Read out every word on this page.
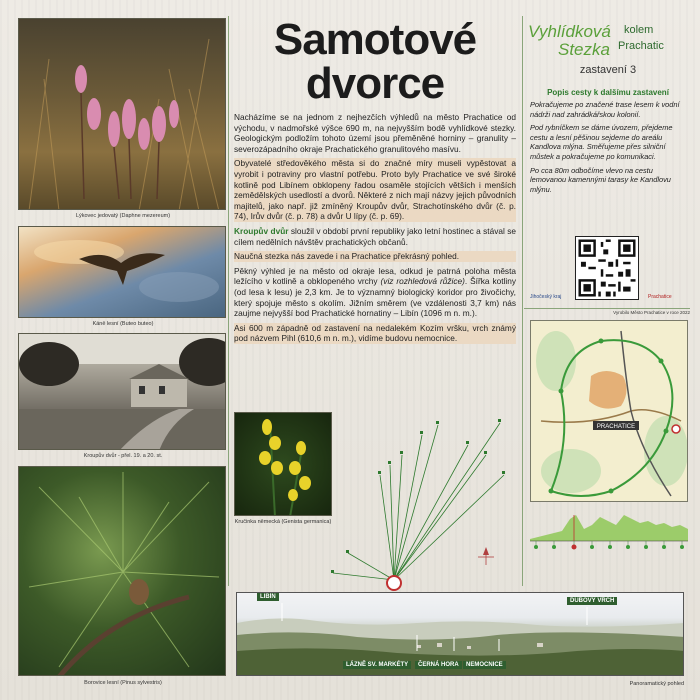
Lýkovec jedovatý (Daphne mezereum)
Káně lesní (Buteo buteo)
Kroupův dvůr - přel. 19. a 20. st.
Borovice lesní (Pinus sylvestris)
Samotové dvorce

Nacházíme se na jednom z nejhezčích výhledů na město Prachatice od východu, v nadmořské výšce 690 m, na nejvyšším bodě vyhlídkové stezky. Geologickým podložím tohoto území jsou přeměněné horniny – granulity – severozápadního okraje Prachatického granulitového masívu.

Obyvatelé středověkého města si do značné míry museli vypěstovat a vyrobit i potraviny pro vlastní potřebu. Proto byly Prachatice ve své široké kotlině pod Libínem obklopeny řadou osaměle stojících větších i menších zemědělských usedlostí a dvorů. Některé z nich mají názvy jejich původních majitelů, jako např. již zmíněný Kroupův dvůr, Strachotínského dvůr (č. p. 74), Irův dvůr (č. p. 78) a dvůr U lípy (č. p. 69).

Kroupův dvůr sloužil v období první republiky jako letní hostinec a stával se cílem nedělních návštěv prachatických občanů.

Naučná stezka nás zavede i na Prachatice překrásný pohled.

Pěkný výhled je na město od okraje lesa, odkud je patrná poloha města ležícího v kotlině a obklopeného vrchy (viz rozhledová růžice). Šířka kotliny (od lesa k lesu) je 2,3 km. Je to významný biologický koridor pro živočichy, který spojuje město s okolím. Jižním směrem (ve vzdálenosti 3,7 km) nás zaujme nejvyšší bod Prachatické hornatiny – Libín (1096 m n. m.).

Asi 600 m západně od zastavení na nedalekém Kozím vršku, vrch známý pod názvem Pihl (610,6 m n. m.), vidíme budovu nemocnice.

Kručinka německá (Genista germanica)
Vyhlídková
Stezka
kolem
Prachatic
zastavení 3
Popis cesty k dalšímu zastavení

Pokračujeme po značené trase lesem k vodní nádrži nad zahrádkářskou kolonií.

Pod rybníčkem se dáme úvozem, přejdeme cestu a lesní pěšinou sejdeme do areálu Kandlova mlýna. Směřujeme přes silniční můstek a pokračujeme po komunikaci.

Po cca 80m odbočíme vlevo na cestu lemovanou kamennými tarasy ke Kandlovu mlýnu.

Jihočeský kraj	Prachatice
Vyrobilo Město Prachatice v roce 2022
PRACHATICE
LIBÍN
DUBOVÝ VRCH
LÁZNĚ SV. MARKÉTY	ČERNÁ HORA	NEMOCNICE
Panoramatický pohled
